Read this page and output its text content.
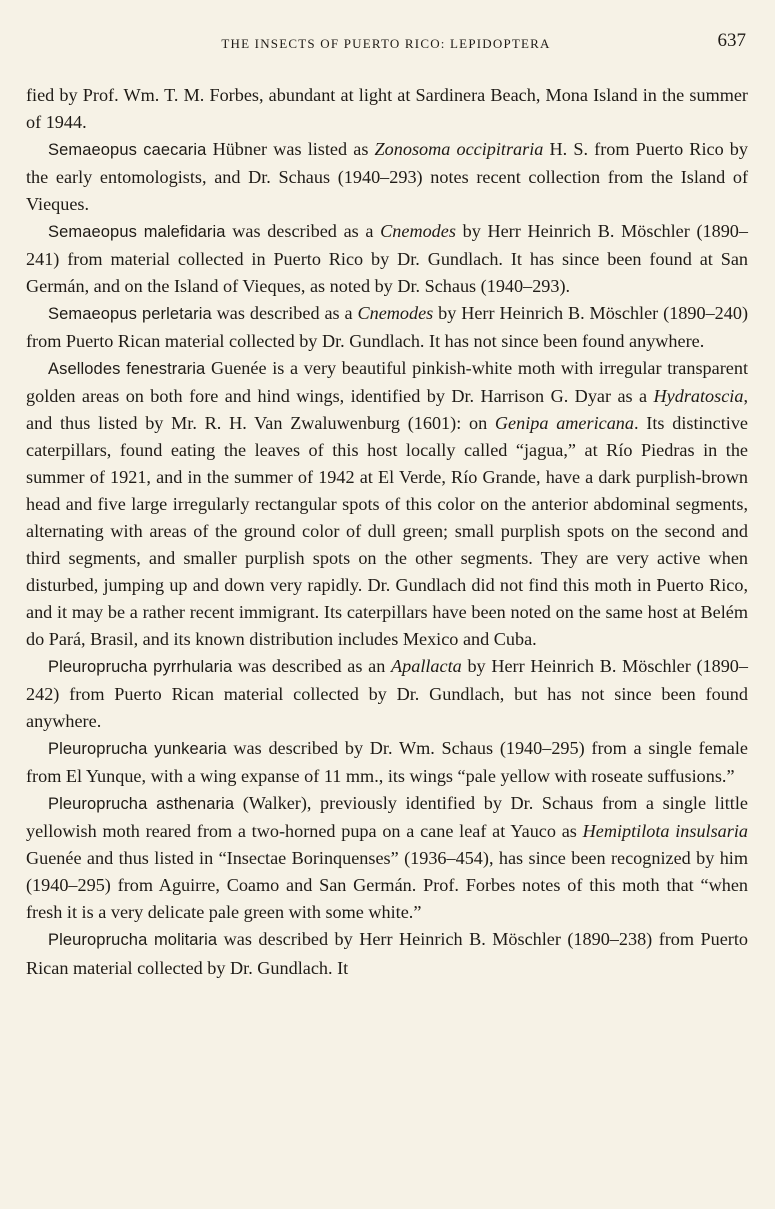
THE INSECTS OF PUERTO RICO: LEPIDOPTERA	637

fied by Prof. Wm. T. M. Forbes, abundant at light at Sardinera Beach, Mona Island in the summer of 1944.

Semaeopus caecaria Hübner was listed as Zonosoma occipitraria H. S. from Puerto Rico by the early entomologists, and Dr. Schaus (1940–293) notes recent collection from the Island of Vieques.

Semaeopus malefidaria was described as a Cnemodes by Herr Heinrich B. Möschler (1890–241) from material collected in Puerto Rico by Dr. Gundlach. It has since been found at San Germán, and on the Island of Vieques, as noted by Dr. Schaus (1940–293).

Semaeopus perletaria was described as a Cnemodes by Herr Heinrich B. Möschler (1890–240) from Puerto Rican material collected by Dr. Gundlach. It has not since been found anywhere.

Asellodes fenestraria Guenée is a very beautiful pinkish-white moth with irregular transparent golden areas on both fore and hind wings, identified by Dr. Harrison G. Dyar as a Hydratoscia, and thus listed by Mr. R. H. Van Zwaluwenburg (1601): on Genipa americana. Its distinctive caterpillars, found eating the leaves of this host locally called “jagua,” at Río Piedras in the summer of 1921, and in the summer of 1942 at El Verde, Río Grande, have a dark purplish-brown head and five large irregularly rectangular spots of this color on the anterior abdominal segments, alternating with areas of the ground color of dull green; small purplish spots on the second and third segments, and smaller purplish spots on the other segments. They are very active when disturbed, jumping up and down very rapidly. Dr. Gundlach did not find this moth in Puerto Rico, and it may be a rather recent immigrant. Its caterpillars have been noted on the same host at Belém do Pará, Brasil, and its known distribution includes Mexico and Cuba.

Pleuroprucha pyrrhularia was described as an Apallacta by Herr Heinrich B. Möschler (1890–242) from Puerto Rican material collected by Dr. Gundlach, but has not since been found anywhere.

Pleuroprucha yunkearia was described by Dr. Wm. Schaus (1940–295) from a single female from El Yunque, with a wing expanse of 11 mm., its wings “pale yellow with roseate suffusions.”

Pleuroprucha asthenaria (Walker), previously identified by Dr. Schaus from a single little yellowish moth reared from a two-horned pupa on a cane leaf at Yauco as Hemiptilota insulsaria Guenée and thus listed in “Insectae Borinquenses” (1936–454), has since been recognized by him (1940–295) from Aguirre, Coamo and San Germán. Prof. Forbes notes of this moth that “when fresh it is a very delicate pale green with some white.”

Pleuroprucha molitaria was described by Herr Heinrich B. Möschler (1890–238) from Puerto Rican material collected by Dr. Gundlach. It
